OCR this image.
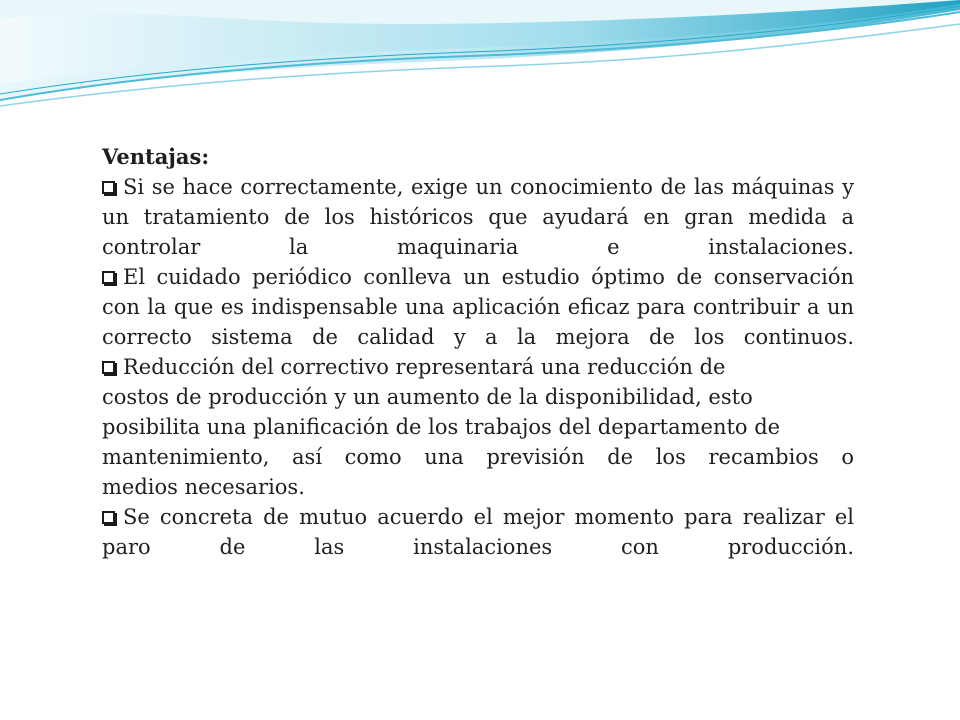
Ventajas:

Si se hace correctamente, exige un conocimiento de las máquinas y un tratamiento de los históricos que ayudará en gran medida a controlar la maquinaria e instalaciones.

El cuidado periódico conlleva un estudio óptimo de conservación con la que es indispensable una aplicación eficaz para contribuir a un correcto sistema de calidad y a la mejora de los continuos.

Reducción del correctivo representará una reducción de
costos de producción y un aumento de la disponibilidad, esto
posibilita una planificación de los trabajos del departamento de
mantenimiento, así como una previsión de los recambios o
medios necesarios.

Se concreta de mutuo acuerdo el mejor momento para realizar el paro de las instalaciones con producción.
